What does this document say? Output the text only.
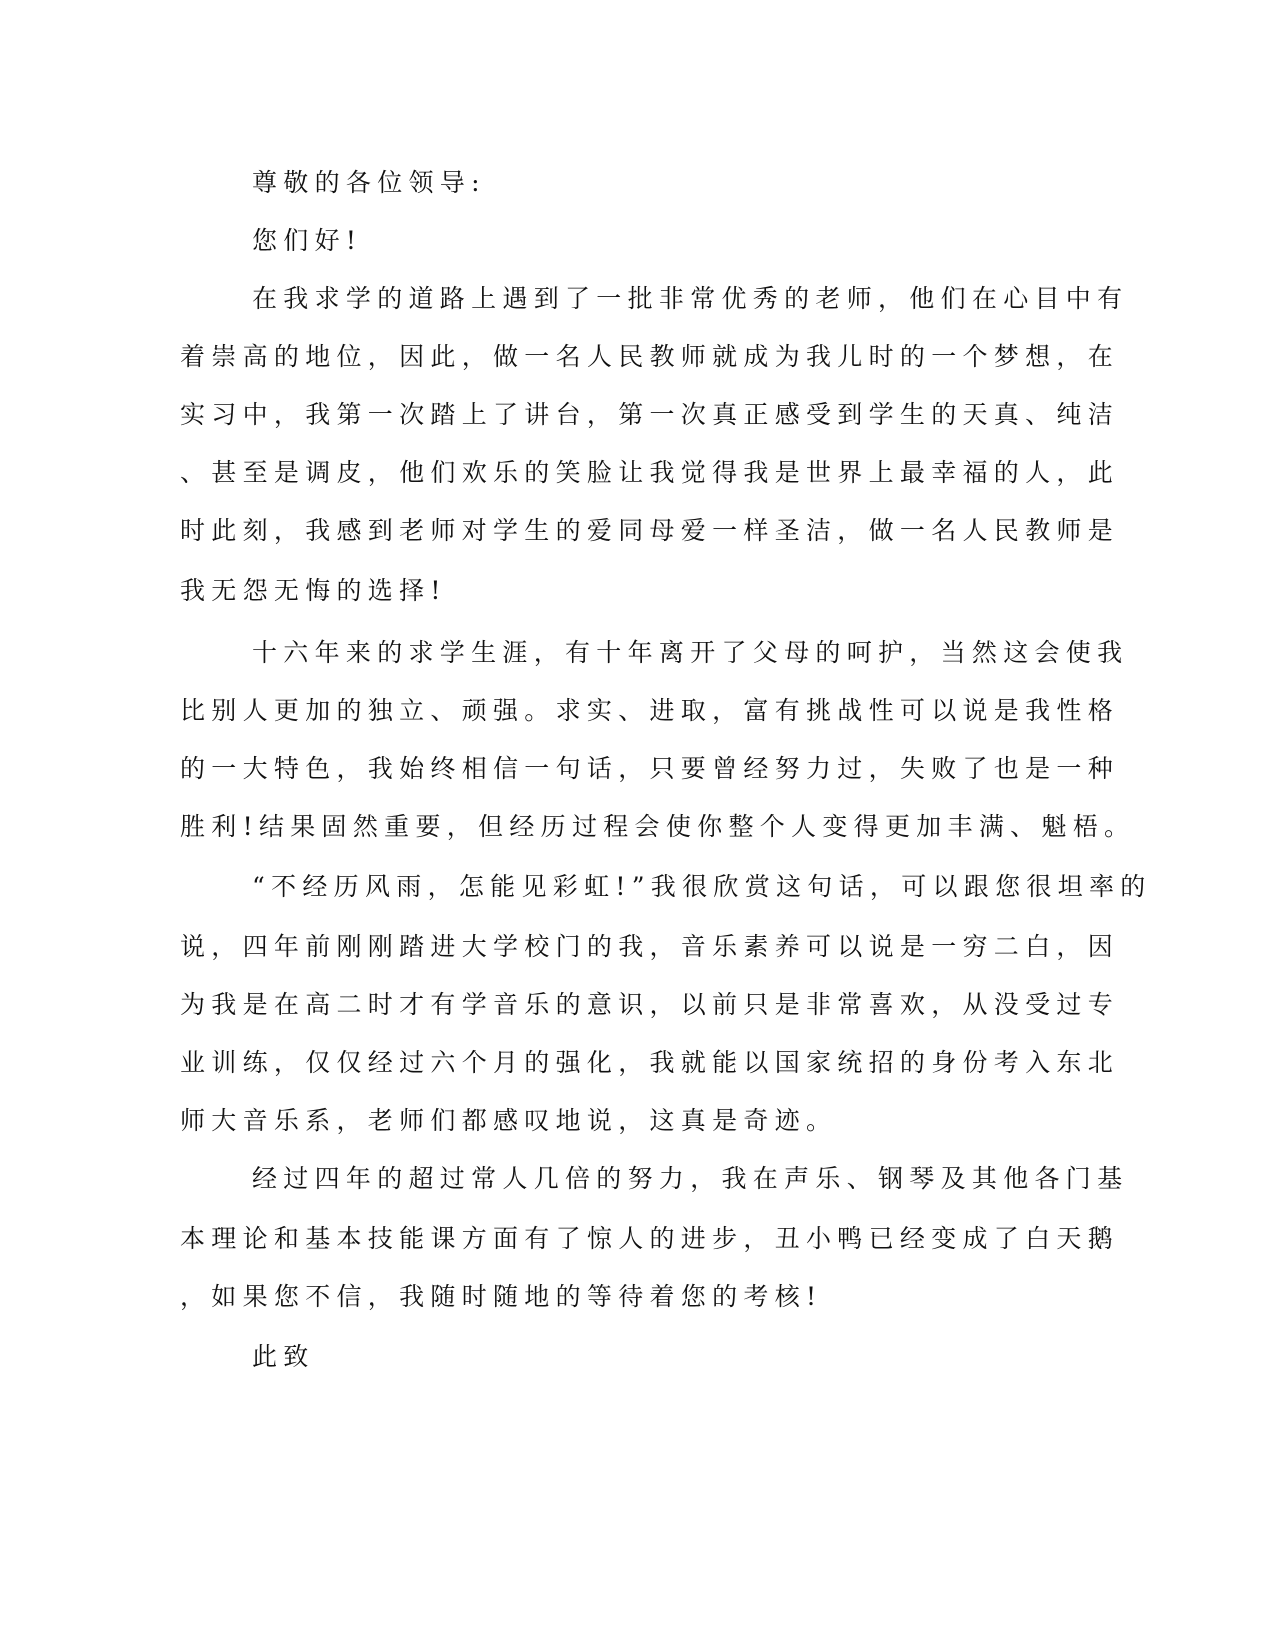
尊敬的各位领导:

您们好!

在我求学的道路上遇到了一批非常优秀的老师，他们在心目中有

着崇高的地位，因此，做一名人民教师就成为我儿时的一个梦想，在

实习中，我第一次踏上了讲台，第一次真正感受到学生的天真、纯洁

、甚至是调皮，他们欢乐的笑脸让我觉得我是世界上最幸福的人，此

时此刻，我感到老师对学生的爱同母爱一样圣洁，做一名人民教师是

我无怨无悔的选择!

十六年来的求学生涯，有十年离开了父母的呵护，当然这会使我

比别人更加的独立、顽强。求实、进取，富有挑战性可以说是我性格

的一大特色，我始终相信一句话，只要曾经努力过，失败了也是一种

胜利!结果固然重要，但经历过程会使你整个人变得更加丰满、魁梧。

“不经历风雨，怎能见彩虹!”我很欣赏这句话，可以跟您很坦率的

说，四年前刚刚踏进大学校门的我，音乐素养可以说是一穷二白，因

为我是在高二时才有学音乐的意识，以前只是非常喜欢，从没受过专

业训练，仅仅经过六个月的强化，我就能以国家统招的身份考入东北

师大音乐系，老师们都感叹地说，这真是奇迹。

经过四年的超过常人几倍的努力，我在声乐、钢琴及其他各门基

本理论和基本技能课方面有了惊人的进步，丑小鸭已经变成了白天鹅

，如果您不信，我随时随地的等待着您的考核!

此致
